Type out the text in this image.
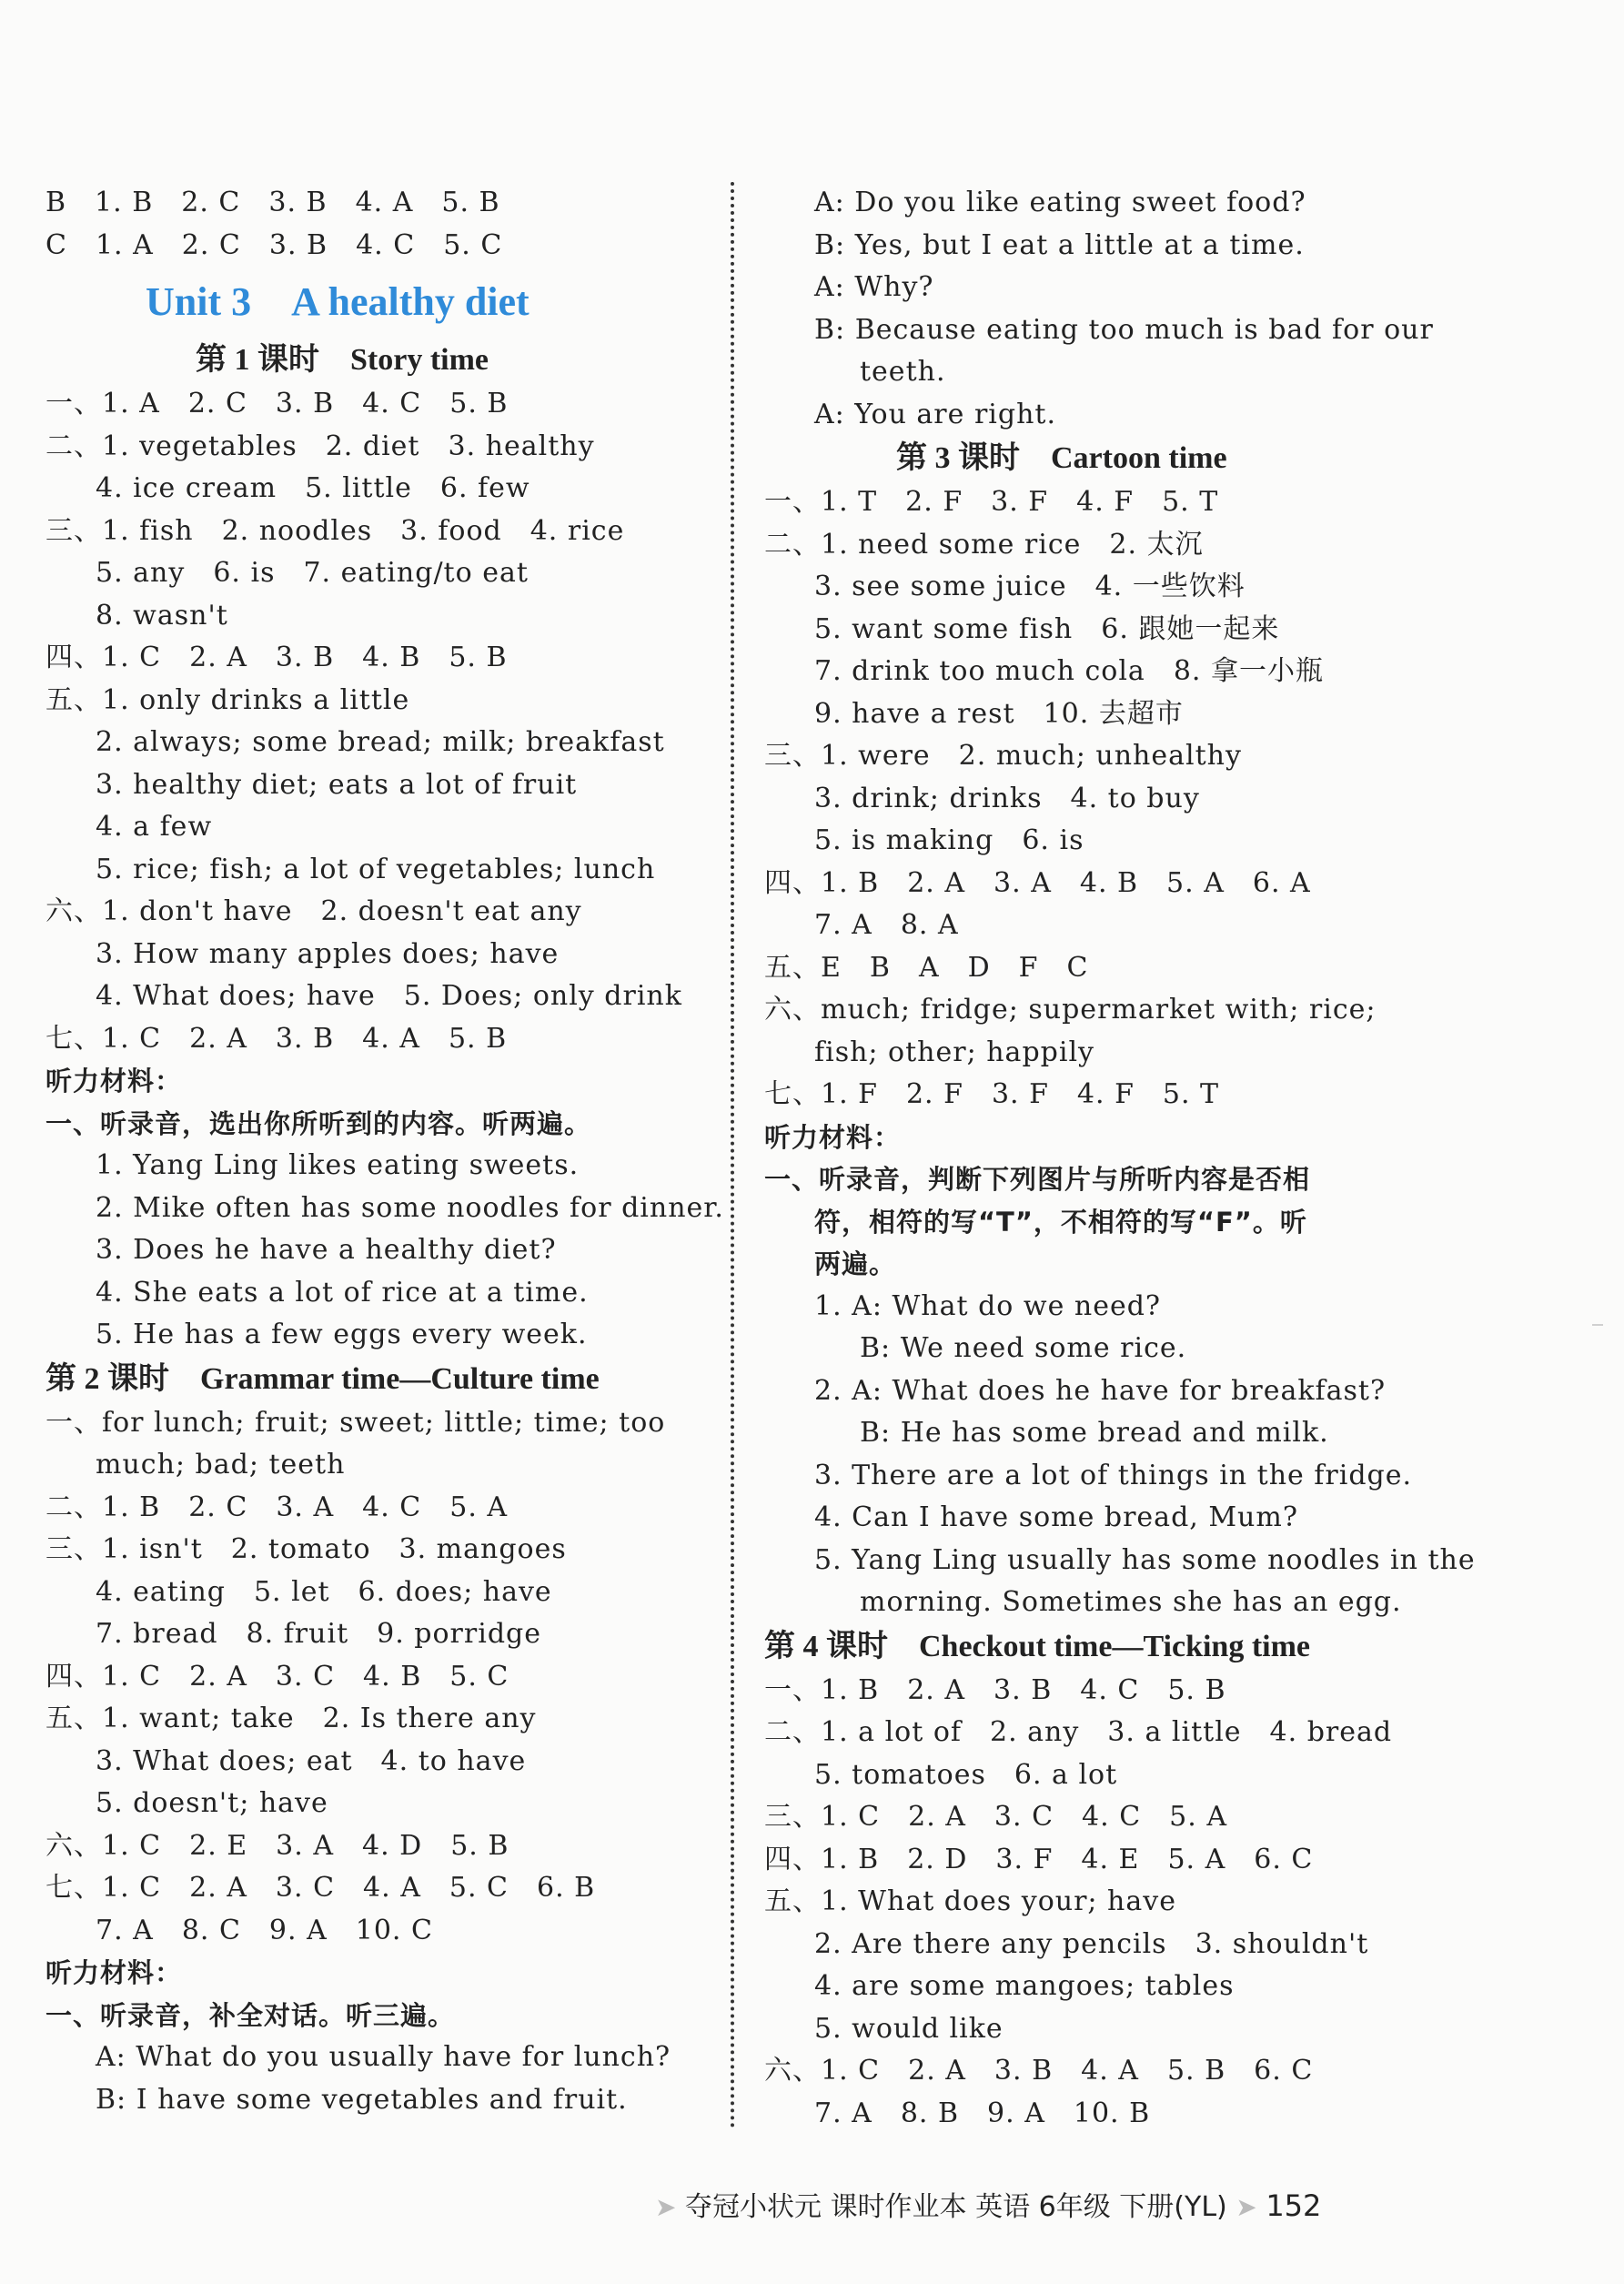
B　1. B　2. C　3. B　4. A　5. B
C　1. A　2. C　3. B　4. C　5. C
Unit 3　A healthy diet
第 1 课时　Story time
一、1. A　2. C　3. B　4. C　5. B
二、1. vegetables　2. diet　3. healthy
4. ice cream　5. little　6. few
三、1. fish　2. noodles　3. food　4. rice
5. any　6. is　7. eating/to eat
8. wasn't
四、1. C　2. A　3. B　4. B　5. B
五、1. only drinks a little
2. always; some bread; milk; breakfast
3. healthy diet; eats a lot of fruit
4. a few
5. rice; fish; a lot of vegetables; lunch
六、1. don't have　2. doesn't eat any
3. How many apples does; have
4. What does; have　5. Does; only drink
七、1. C　2. A　3. B　4. A　5. B
听力材料：
一、听录音，选出你所听到的内容。听两遍。
1. Yang Ling likes eating sweets.
2. Mike often has some noodles for dinner.
3. Does he have a healthy diet?
4. She eats a lot of rice at a time.
5. He has a few eggs every week.
第 2 课时　Grammar time—Culture time
一、for lunch; fruit; sweet; little; time; too
much; bad; teeth
二、1. B　2. C　3. A　4. C　5. A
三、1. isn't　2. tomato　3. mangoes
4. eating　5. let　6. does; have
7. bread　8. fruit　9. porridge
四、1. C　2. A　3. C　4. B　5. C
五、1. want; take　2. Is there any
3. What does; eat　4. to have
5. doesn't; have
六、1. C　2. E　3. A　4. D　5. B
七、1. C　2. A　3. C　4. A　5. C　6. B
7. A　8. C　9. A　10. C
听力材料：
一、听录音，补全对话。听三遍。
A: What do you usually have for lunch?
B: I have some vegetables and fruit.
A: Do you like eating sweet food?
B: Yes, but I eat a little at a time.
A: Why?
B: Because eating too much is bad for our
teeth.
A: You are right.
第 3 课时　Cartoon time
一、1. T　2. F　3. F　4. F　5. T
二、1. need some rice　2. 太沉
3. see some juice　4. 一些饮料
5. want some fish　6. 跟她一起来
7. drink too much cola　8. 拿一小瓶
9. have a rest　10. 去超市
三、1. were　2. much; unhealthy
3. drink; drinks　4. to buy
5. is making　6. is
四、1. B　2. A　3. A　4. B　5. A　6. A
7. A　8. A
五、E　B　A　D　F　C
六、much; fridge; supermarket with; rice;
fish; other; happily
七、1. F　2. F　3. F　4. F　5. T
听力材料：
一、听录音，判断下列图片与所听内容是否相
符，相符的写“T”，不相符的写“F”。听
两遍。
1. A: What do we need?
B: We need some rice.
2. A: What does he have for breakfast?
B: He has some bread and milk.
3. There are a lot of things in the fridge.
4. Can I have some bread, Mum?
5. Yang Ling usually has some noodles in the
morning. Sometimes she has an egg.
第 4 课时　Checkout time—Ticking time
一、1. B　2. A　3. B　4. C　5. B
二、1. a lot of　2. any　3. a little　4. bread
5. tomatoes　6. a lot
三、1. C　2. A　3. C　4. C　5. A
四、1. B　2. D　3. F　4. E　5. A　6. C
五、1. What does your; have
2. Are there any pencils　3. shouldn't
4. are some mangoes; tables
5. would like
六、1. C　2. A　3. B　4. A　5. B　6. C
7. A　8. B　9. A　10. B
➤ 夺冠小状元 课时作业本 英语 6年级 下册(YL) ➤ 152
